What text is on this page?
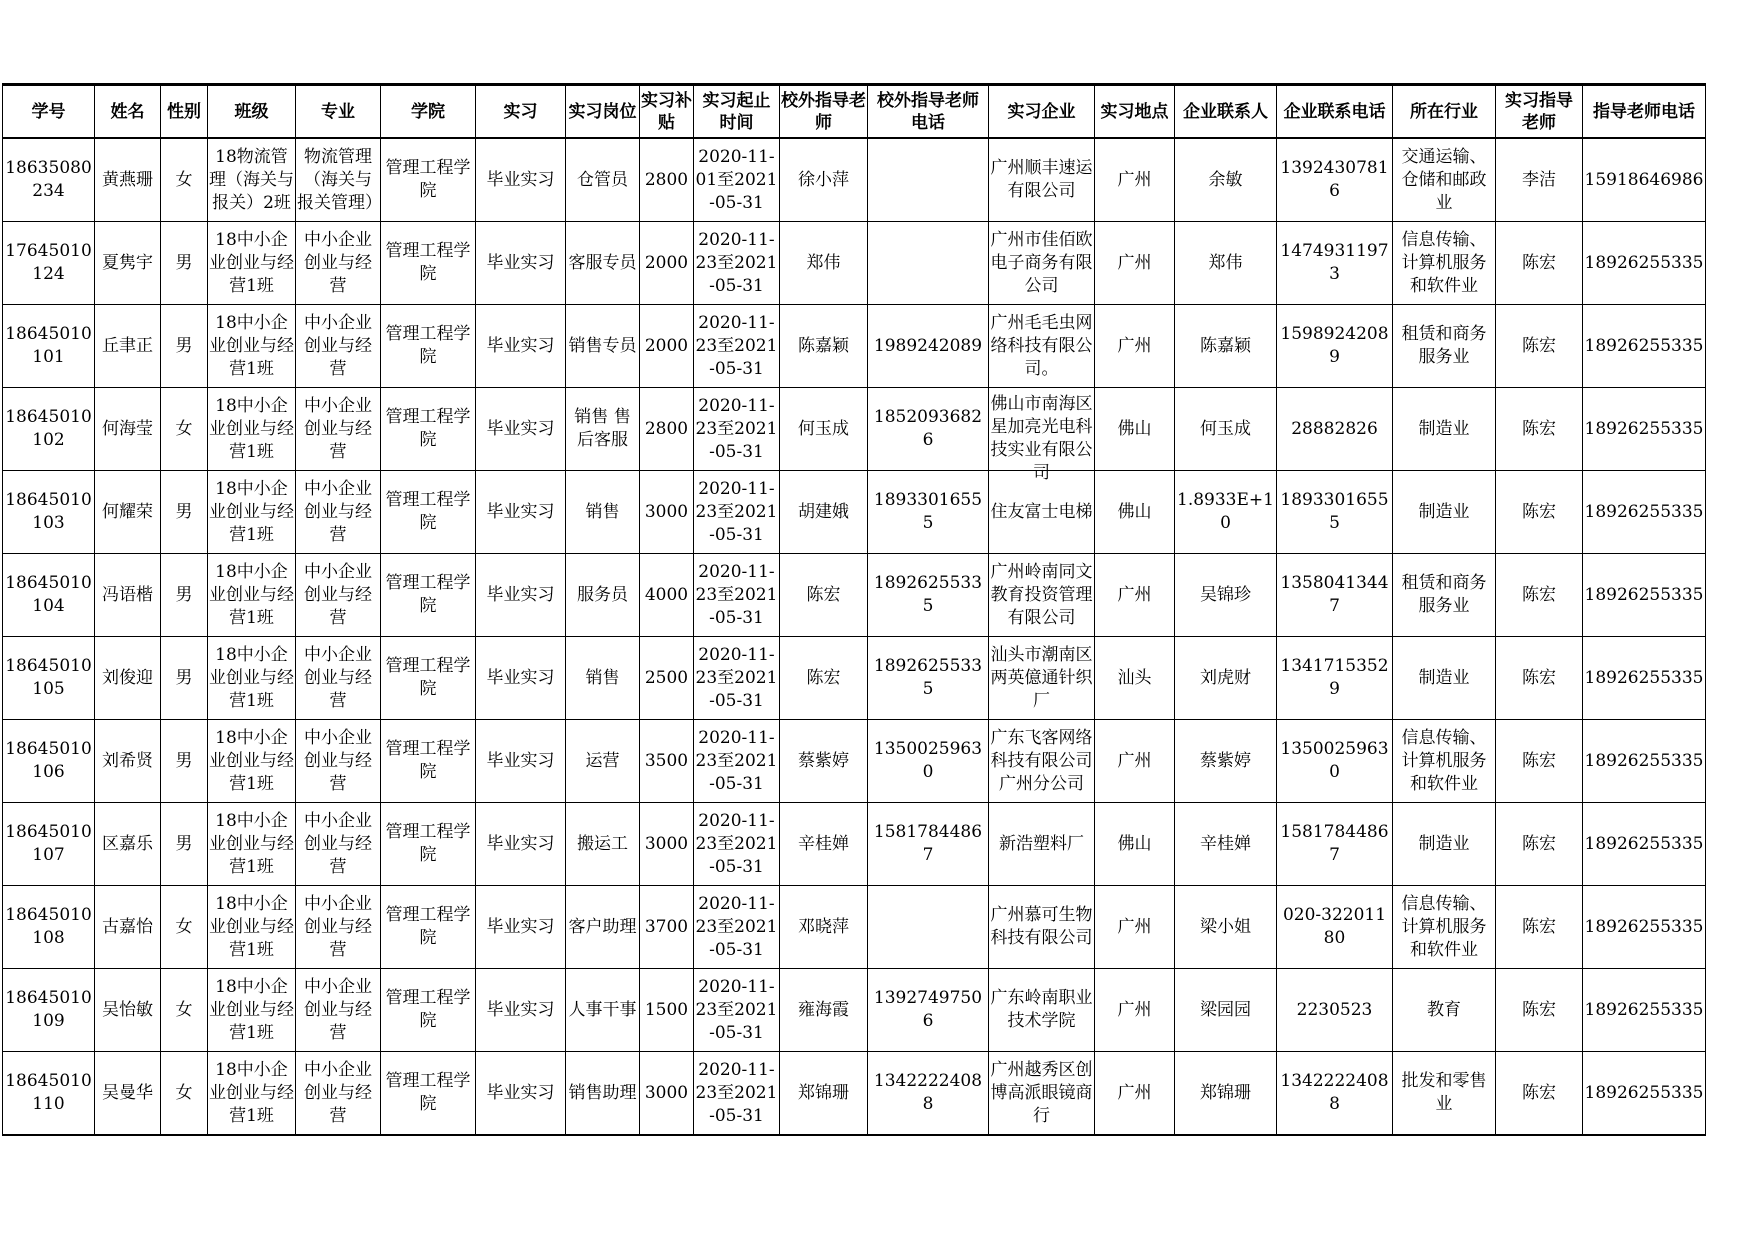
学号	姓名	性别	班级	专业	学院	实习	实习岗位	实习补贴	实习起止时间	校外指导老师	校外指导老师电话	实习企业	实习地点	企业联系人	企业联系电话	所在行业	实习指导老师	指导老师电话

18635080234	黄燕珊	女	18物流管理（海关与报关）2班	物流管理（海关与报关管理）	管理工程学院	毕业实习	仓管员	2800	2020-11-01至2021-05-31	徐小萍		广州顺丰速运有限公司	广州	余敏	13924307816	交通运输、仓储和邮政业	李洁	15918646986

17645010124	夏隽宇	男	18中小企业创业与经营1班	中小企业创业与经营	管理工程学院	毕业实习	客服专员	2000	2020-11-23至2021-05-31	郑伟		广州市佳佰欧电子商务有限公司	广州	郑伟	14749311973	信息传输、计算机服务和软件业	陈宏	18926255335

18645010101	丘聿正	男	18中小企业创业与经营1班	中小企业创业与经营	管理工程学院	毕业实习	销售专员	2000	2020-11-23至2021-05-31	陈嘉颖	1989242089	广州毛毛虫网络科技有限公司。	广州	陈嘉颖	15989242089	租赁和商务服务业	陈宏	18926255335

18645010102	何海莹	女	18中小企业创业与经营1班	中小企业创业与经营	管理工程学院	毕业实习	销售 售后客服	2800	2020-11-23至2021-05-31	何玉成	18520936826	佛山市南海区星加亮光电科技实业有限公司	佛山	何玉成	28882826	制造业	陈宏	18926255335

18645010103	何耀荣	男	18中小企业创业与经营1班	中小企业创业与经营	管理工程学院	毕业实习	销售	3000	2020-11-23至2021-05-31	胡建娥	18933016555	住友富士电梯	佛山	1.8933E+10	18933016555	制造业	陈宏	18926255335

18645010104	冯语楷	男	18中小企业创业与经营1班	中小企业创业与经营	管理工程学院	毕业实习	服务员	4000	2020-11-23至2021-05-31	陈宏	18926255335	广州岭南同文教育投资管理有限公司	广州	吴锦珍	13580413447	租赁和商务服务业	陈宏	18926255335

18645010105	刘俊迎	男	18中小企业创业与经营1班	中小企业创业与经营	管理工程学院	毕业实习	销售	2500	2020-11-23至2021-05-31	陈宏	18926255335	汕头市潮南区两英億通针织厂	汕头	刘虎财	13417153529	制造业	陈宏	18926255335

18645010106	刘希贤	男	18中小企业创业与经营1班	中小企业创业与经营	管理工程学院	毕业实习	运营	3500	2020-11-23至2021-05-31	蔡紫婷	13500259630	广东飞客网络科技有限公司广州分公司	广州	蔡紫婷	13500259630	信息传输、计算机服务和软件业	陈宏	18926255335

18645010107	区嘉乐	男	18中小企业创业与经营1班	中小企业创业与经营	管理工程学院	毕业实习	搬运工	3000	2020-11-23至2021-05-31	辛桂婵	15817844867	新浩塑料厂	佛山	辛桂婵	15817844867	制造业	陈宏	18926255335

18645010108	古嘉怡	女	18中小企业创业与经营1班	中小企业创业与经营	管理工程学院	毕业实习	客户助理	3700	2020-11-23至2021-05-31	邓晓萍		广州慕可生物科技有限公司	广州	梁小姐	020-32201180	信息传输、计算机服务和软件业	陈宏	18926255335

18645010109	吴怡敏	女	18中小企业创业与经营1班	中小企业创业与经营	管理工程学院	毕业实习	人事干事	1500	2020-11-23至2021-05-31	雍海霞	13927497506	广东岭南职业技术学院	广州	梁园园	2230523	教育	陈宏	18926255335

18645010110	吴曼华	女	18中小企业创业与经营1班	中小企业创业与经营	管理工程学院	毕业实习	销售助理	3000	2020-11-23至2021-05-31	郑锦珊	13422224088	广州越秀区创博高派眼镜商行	广州	郑锦珊	13422224088	批发和零售业	陈宏	18926255335
